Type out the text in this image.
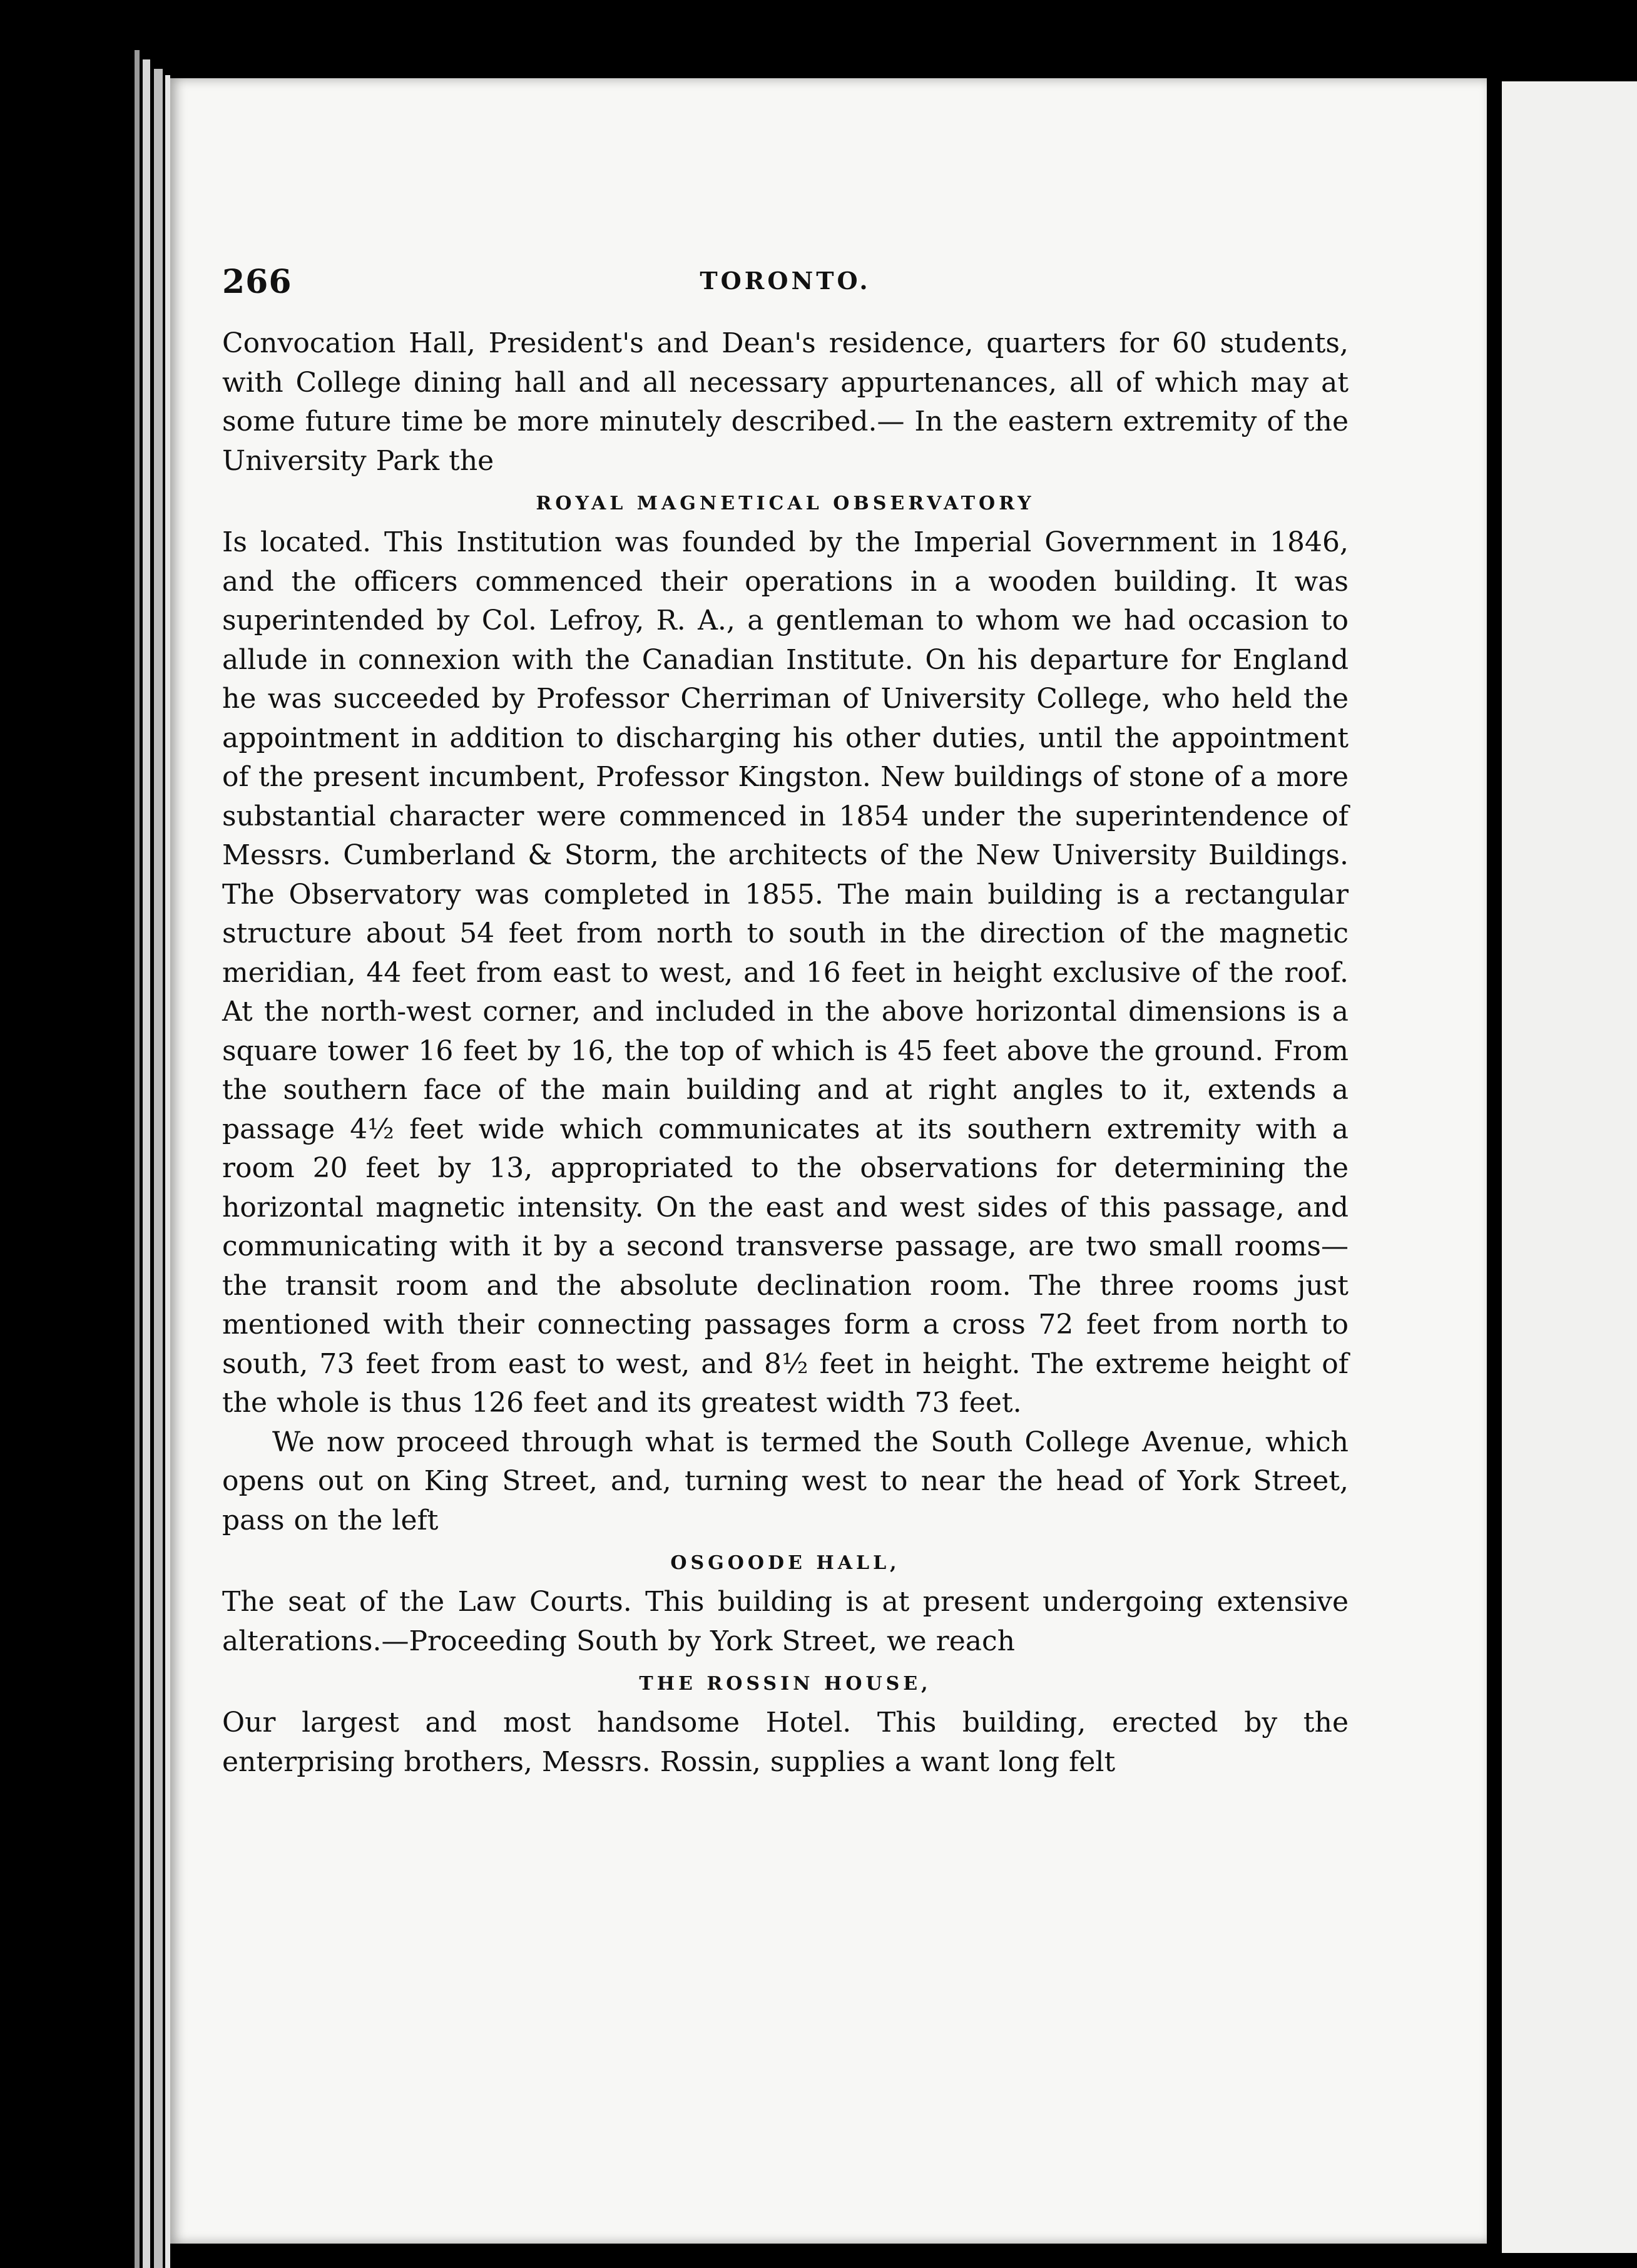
266	TORONTO.

Convocation Hall, President's and Dean's residence, quarters for 60 students, with College dining hall and all necessary appurtenances, all of which may at some future time be more minutely described.— In the eastern extremity of the University Park the

ROYAL MAGNETICAL OBSERVATORY

Is located. This Institution was founded by the Imperial Government in 1846, and the officers commenced their operations in a wooden building. It was superintended by Col. Lefroy, R. A., a gentleman to whom we had occasion to allude in connexion with the Canadian Institute. On his departure for England he was succeeded by Professor Cherriman of University College, who held the appointment in addition to discharging his other duties, until the appointment of the present incumbent, Professor Kingston. New buildings of stone of a more substantial character were commenced in 1854 under the superintendence of Messrs. Cumberland & Storm, the architects of the New University Buildings. The Observatory was completed in 1855. The main building is a rectangular structure about 54 feet from north to south in the direction of the magnetic meridian, 44 feet from east to west, and 16 feet in height exclusive of the roof. At the north-west corner, and included in the above horizontal dimensions is a square tower 16 feet by 16, the top of which is 45 feet above the ground. From the southern face of the main building and at right angles to it, extends a passage 4½ feet wide which communicates at its southern extremity with a room 20 feet by 13, appropriated to the observations for determining the horizontal magnetic intensity. On the east and west sides of this passage, and communicating with it by a second transverse passage, are two small rooms—the transit room and the absolute declination room. The three rooms just mentioned with their connecting passages form a cross 72 feet from north to south, 73 feet from east to west, and 8½ feet in height. The extreme height of the whole is thus 126 feet and its greatest width 73 feet.

We now proceed through what is termed the South College Avenue, which opens out on King Street, and, turning west to near the head of York Street, pass on the left

OSGOODE HALL,

The seat of the Law Courts. This building is at present undergoing extensive alterations.—Proceeding South by York Street, we reach

THE ROSSIN HOUSE,

Our largest and most handsome Hotel. This building, erected by the enterprising brothers, Messrs. Rossin, supplies a want long felt
